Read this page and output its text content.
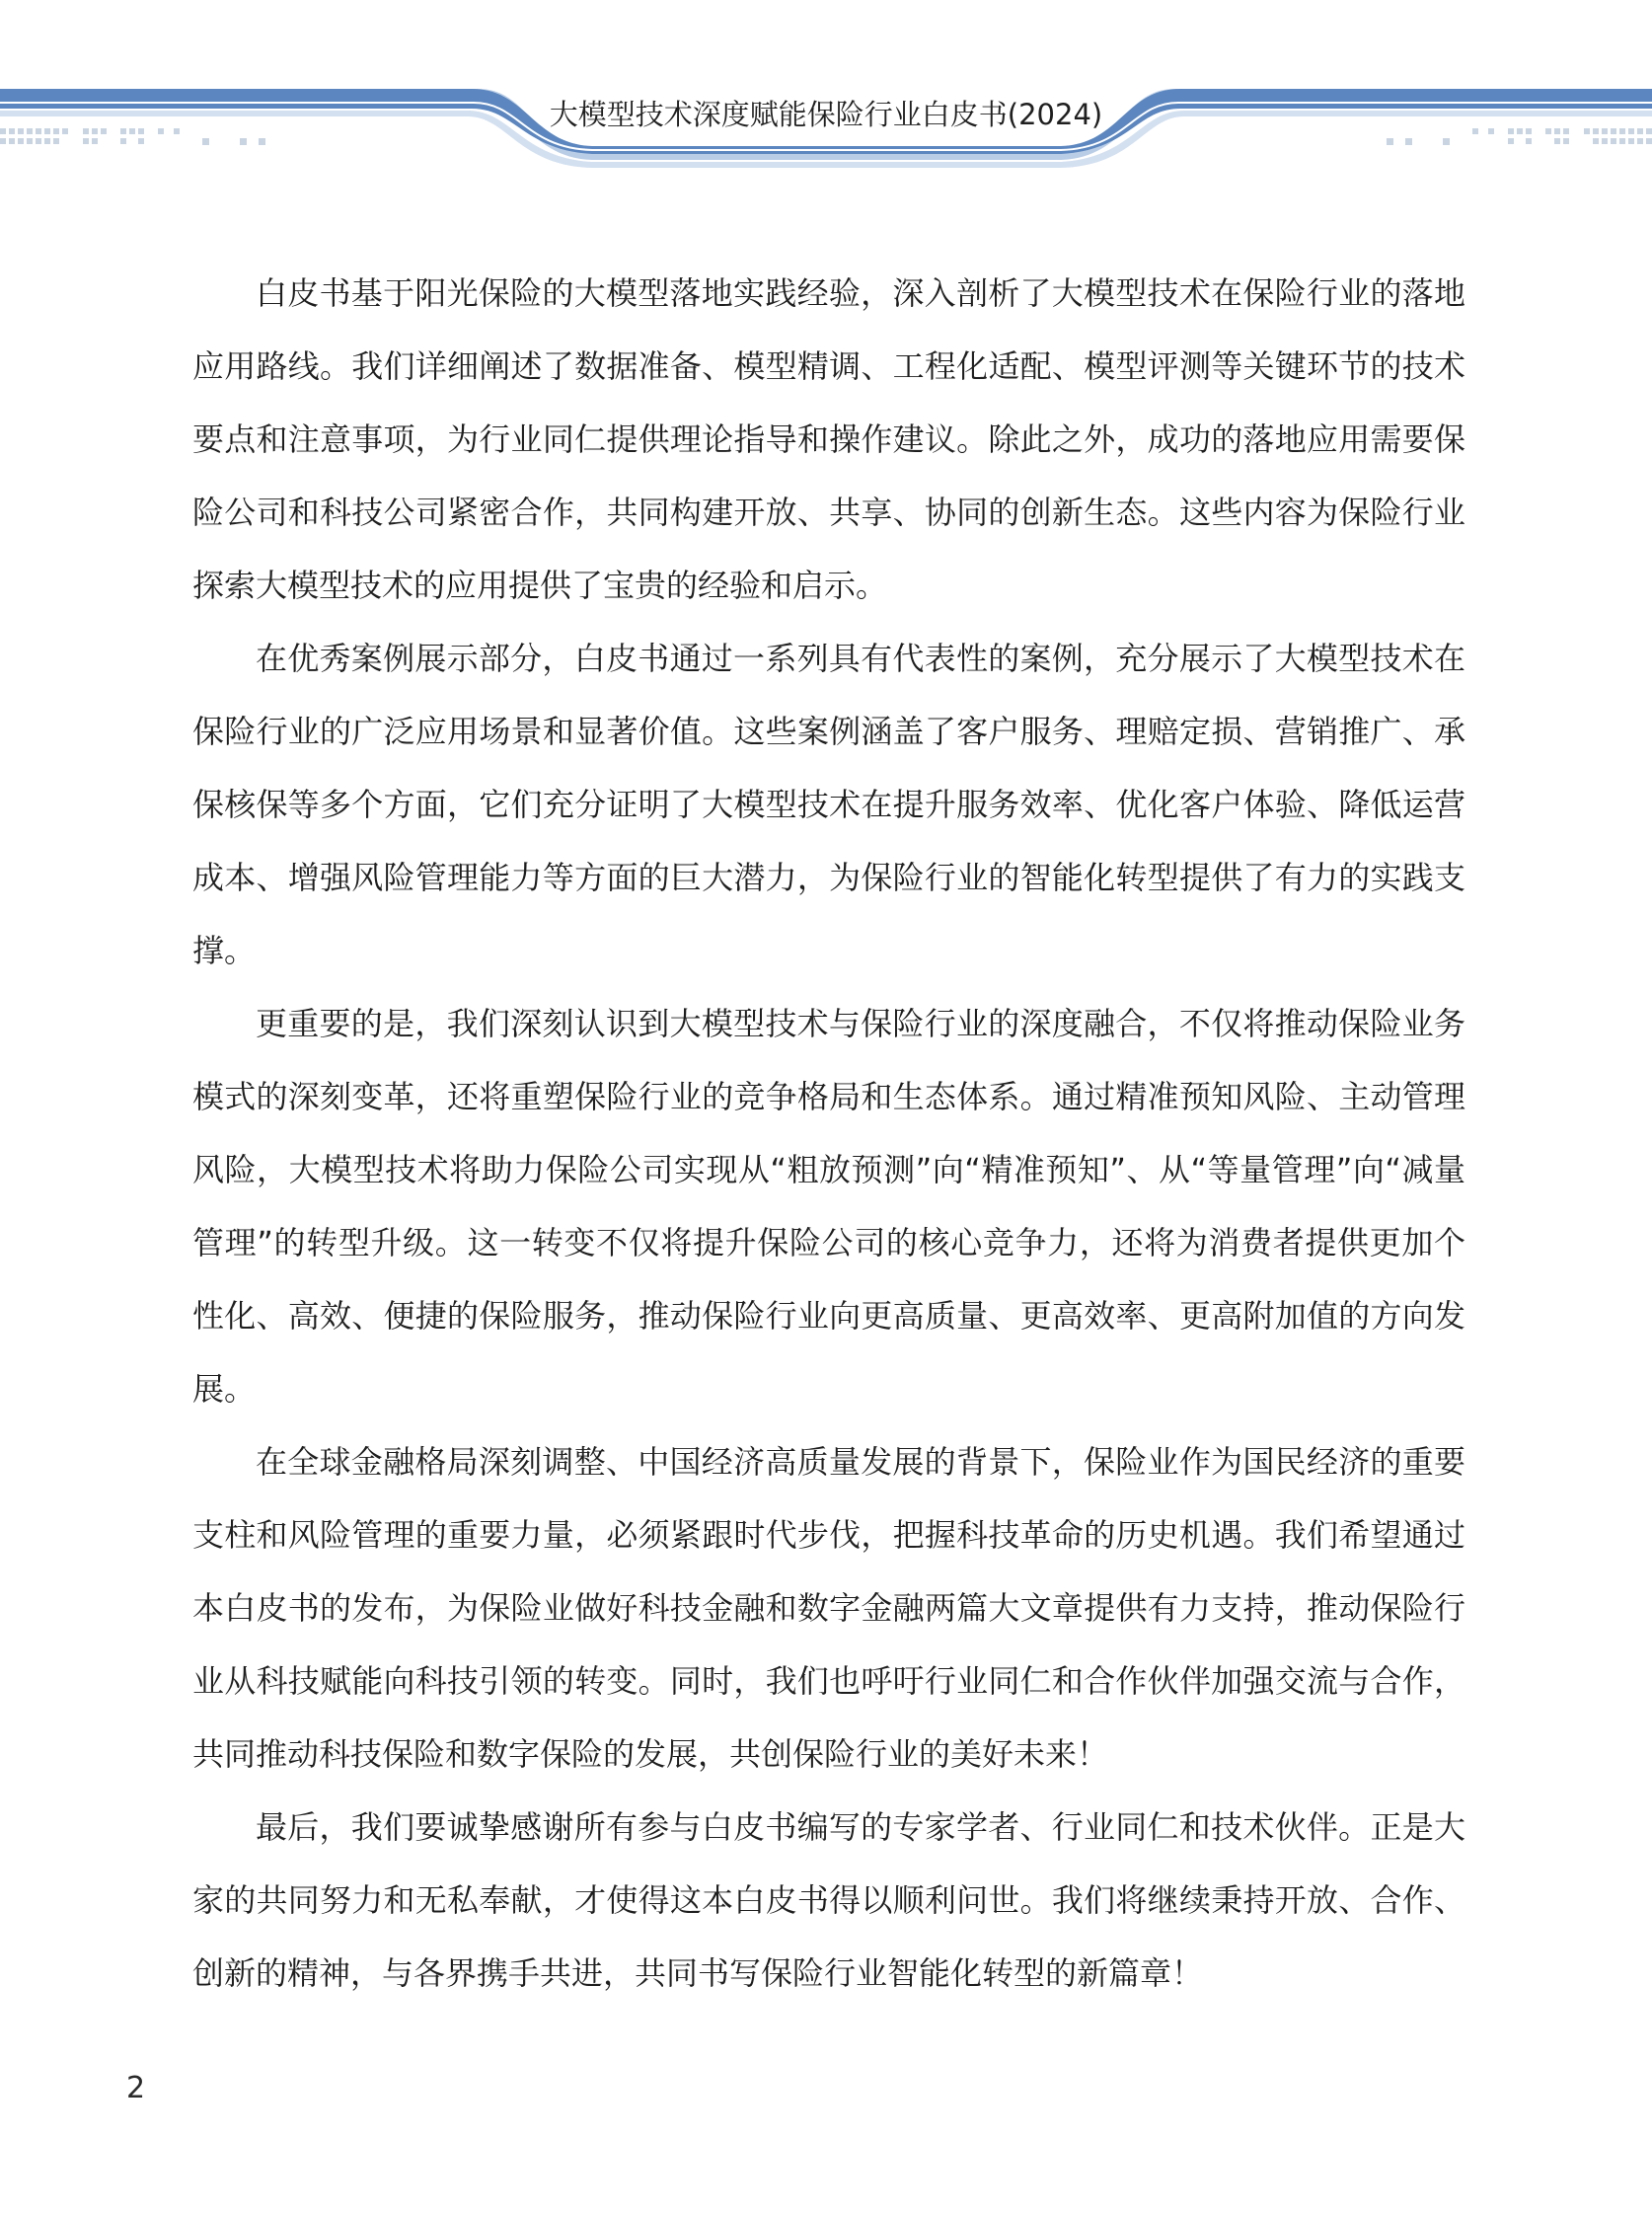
大模型技术深度赋能保险行业白皮书(2024)

白皮书基于阳光保险的大模型落地实践经验，深入剖析了大模型技术在保险行业的落地应用路线。我们详细阐述了数据准备、模型精调、工程化适配、模型评测等关键环节的技术要点和注意事项，为行业同仁提供理论指导和操作建议。除此之外，成功的落地应用需要保险公司和科技公司紧密合作，共同构建开放、共享、协同的创新生态。这些内容为保险行业探索大模型技术的应用提供了宝贵的经验和启示。

在优秀案例展示部分，白皮书通过一系列具有代表性的案例，充分展示了大模型技术在保险行业的广泛应用场景和显著价值。这些案例涵盖了客户服务、理赔定损、营销推广、承保核保等多个方面，它们充分证明了大模型技术在提升服务效率、优化客户体验、降低运营成本、增强风险管理能力等方面的巨大潜力，为保险行业的智能化转型提供了有力的实践支撑。

更重要的是，我们深刻认识到大模型技术与保险行业的深度融合，不仅将推动保险业务模式的深刻变革，还将重塑保险行业的竞争格局和生态体系。通过精准预知风险、主动管理风险，大模型技术将助力保险公司实现从“粗放预测”向“精准预知”、从“等量管理”向“减量管理”的转型升级。这一转变不仅将提升保险公司的核心竞争力，还将为消费者提供更加个性化、高效、便捷的保险服务，推动保险行业向更高质量、更高效率、更高附加值的方向发展。

在全球金融格局深刻调整、中国经济高质量发展的背景下，保险业作为国民经济的重要支柱和风险管理的重要力量，必须紧跟时代步伐，把握科技革命的历史机遇。我们希望通过本白皮书的发布，为保险业做好科技金融和数字金融两篇大文章提供有力支持，推动保险行业从科技赋能向科技引领的转变。同时，我们也呼吁行业同仁和合作伙伴加强交流与合作，共同推动科技保险和数字保险的发展，共创保险行业的美好未来！

最后，我们要诚挚感谢所有参与白皮书编写的专家学者、行业同仁和技术伙伴。正是大家的共同努力和无私奉献，才使得这本白皮书得以顺利问世。我们将继续秉持开放、合作、创新的精神，与各界携手共进，共同书写保险行业智能化转型的新篇章！

2
